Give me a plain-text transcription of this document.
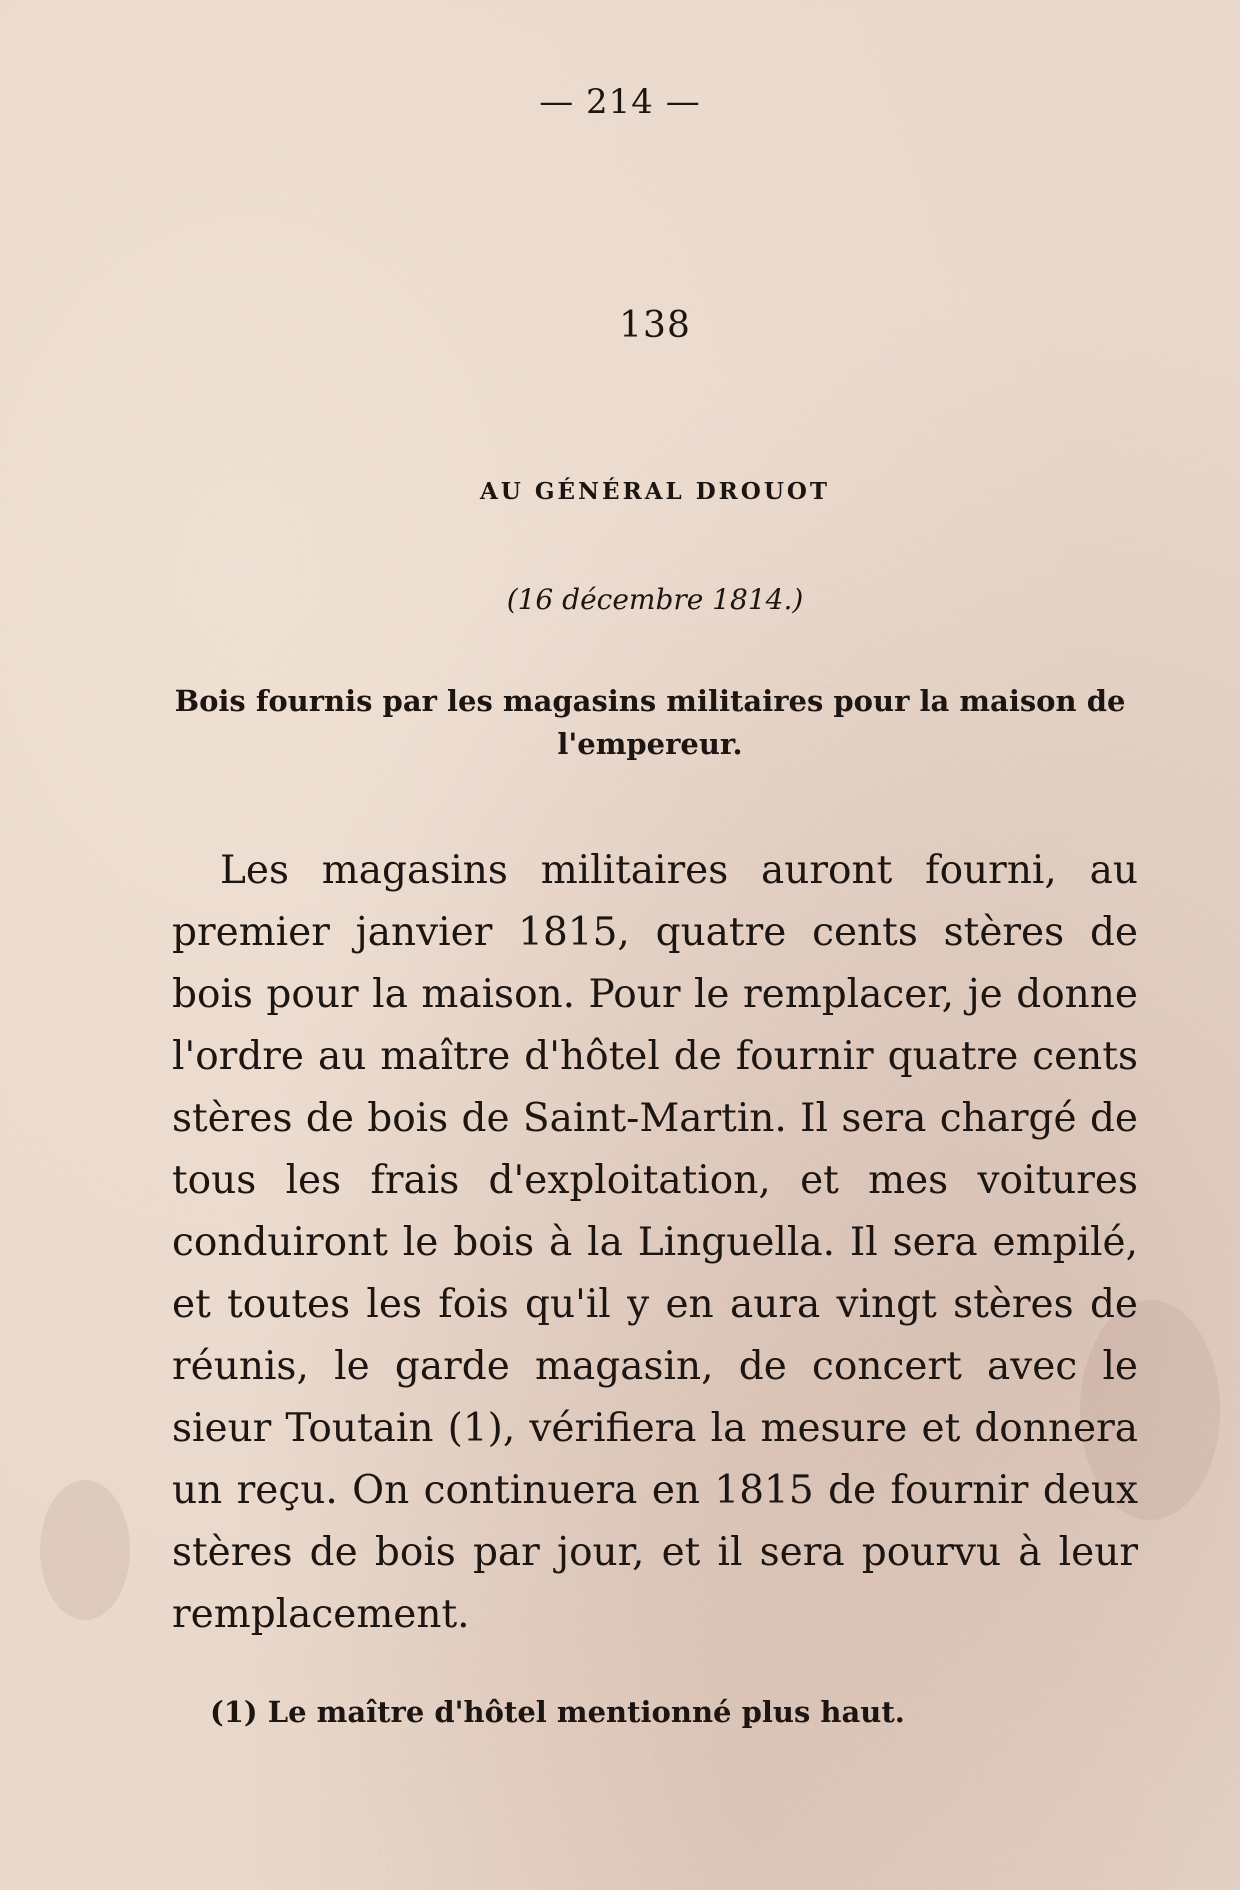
— 214 —
138
AU GÉNÉRAL DROUOT
(16 décembre 1814.)
Bois fournis par les magasins militaires pour la maison de l'empereur.

Les magasins militaires auront fourni, au premier janvier 1815, quatre cents stères de bois pour la maison. Pour le remplacer, je donne l'ordre au maître d'hôtel de fournir quatre cents stères de bois de Saint-Martin. Il sera chargé de tous les frais d'exploitation, et mes voitures conduiront le bois à la Linguella. Il sera empilé, et toutes les fois qu'il y en aura vingt stères de réunis, le garde magasin, de concert avec le sieur Toutain (1), vérifiera la mesure et donnera un reçu. On continuera en 1815 de fournir deux stères de bois par jour, et il sera pourvu à leur remplacement.

(1) Le maître d'hôtel mentionné plus haut.
